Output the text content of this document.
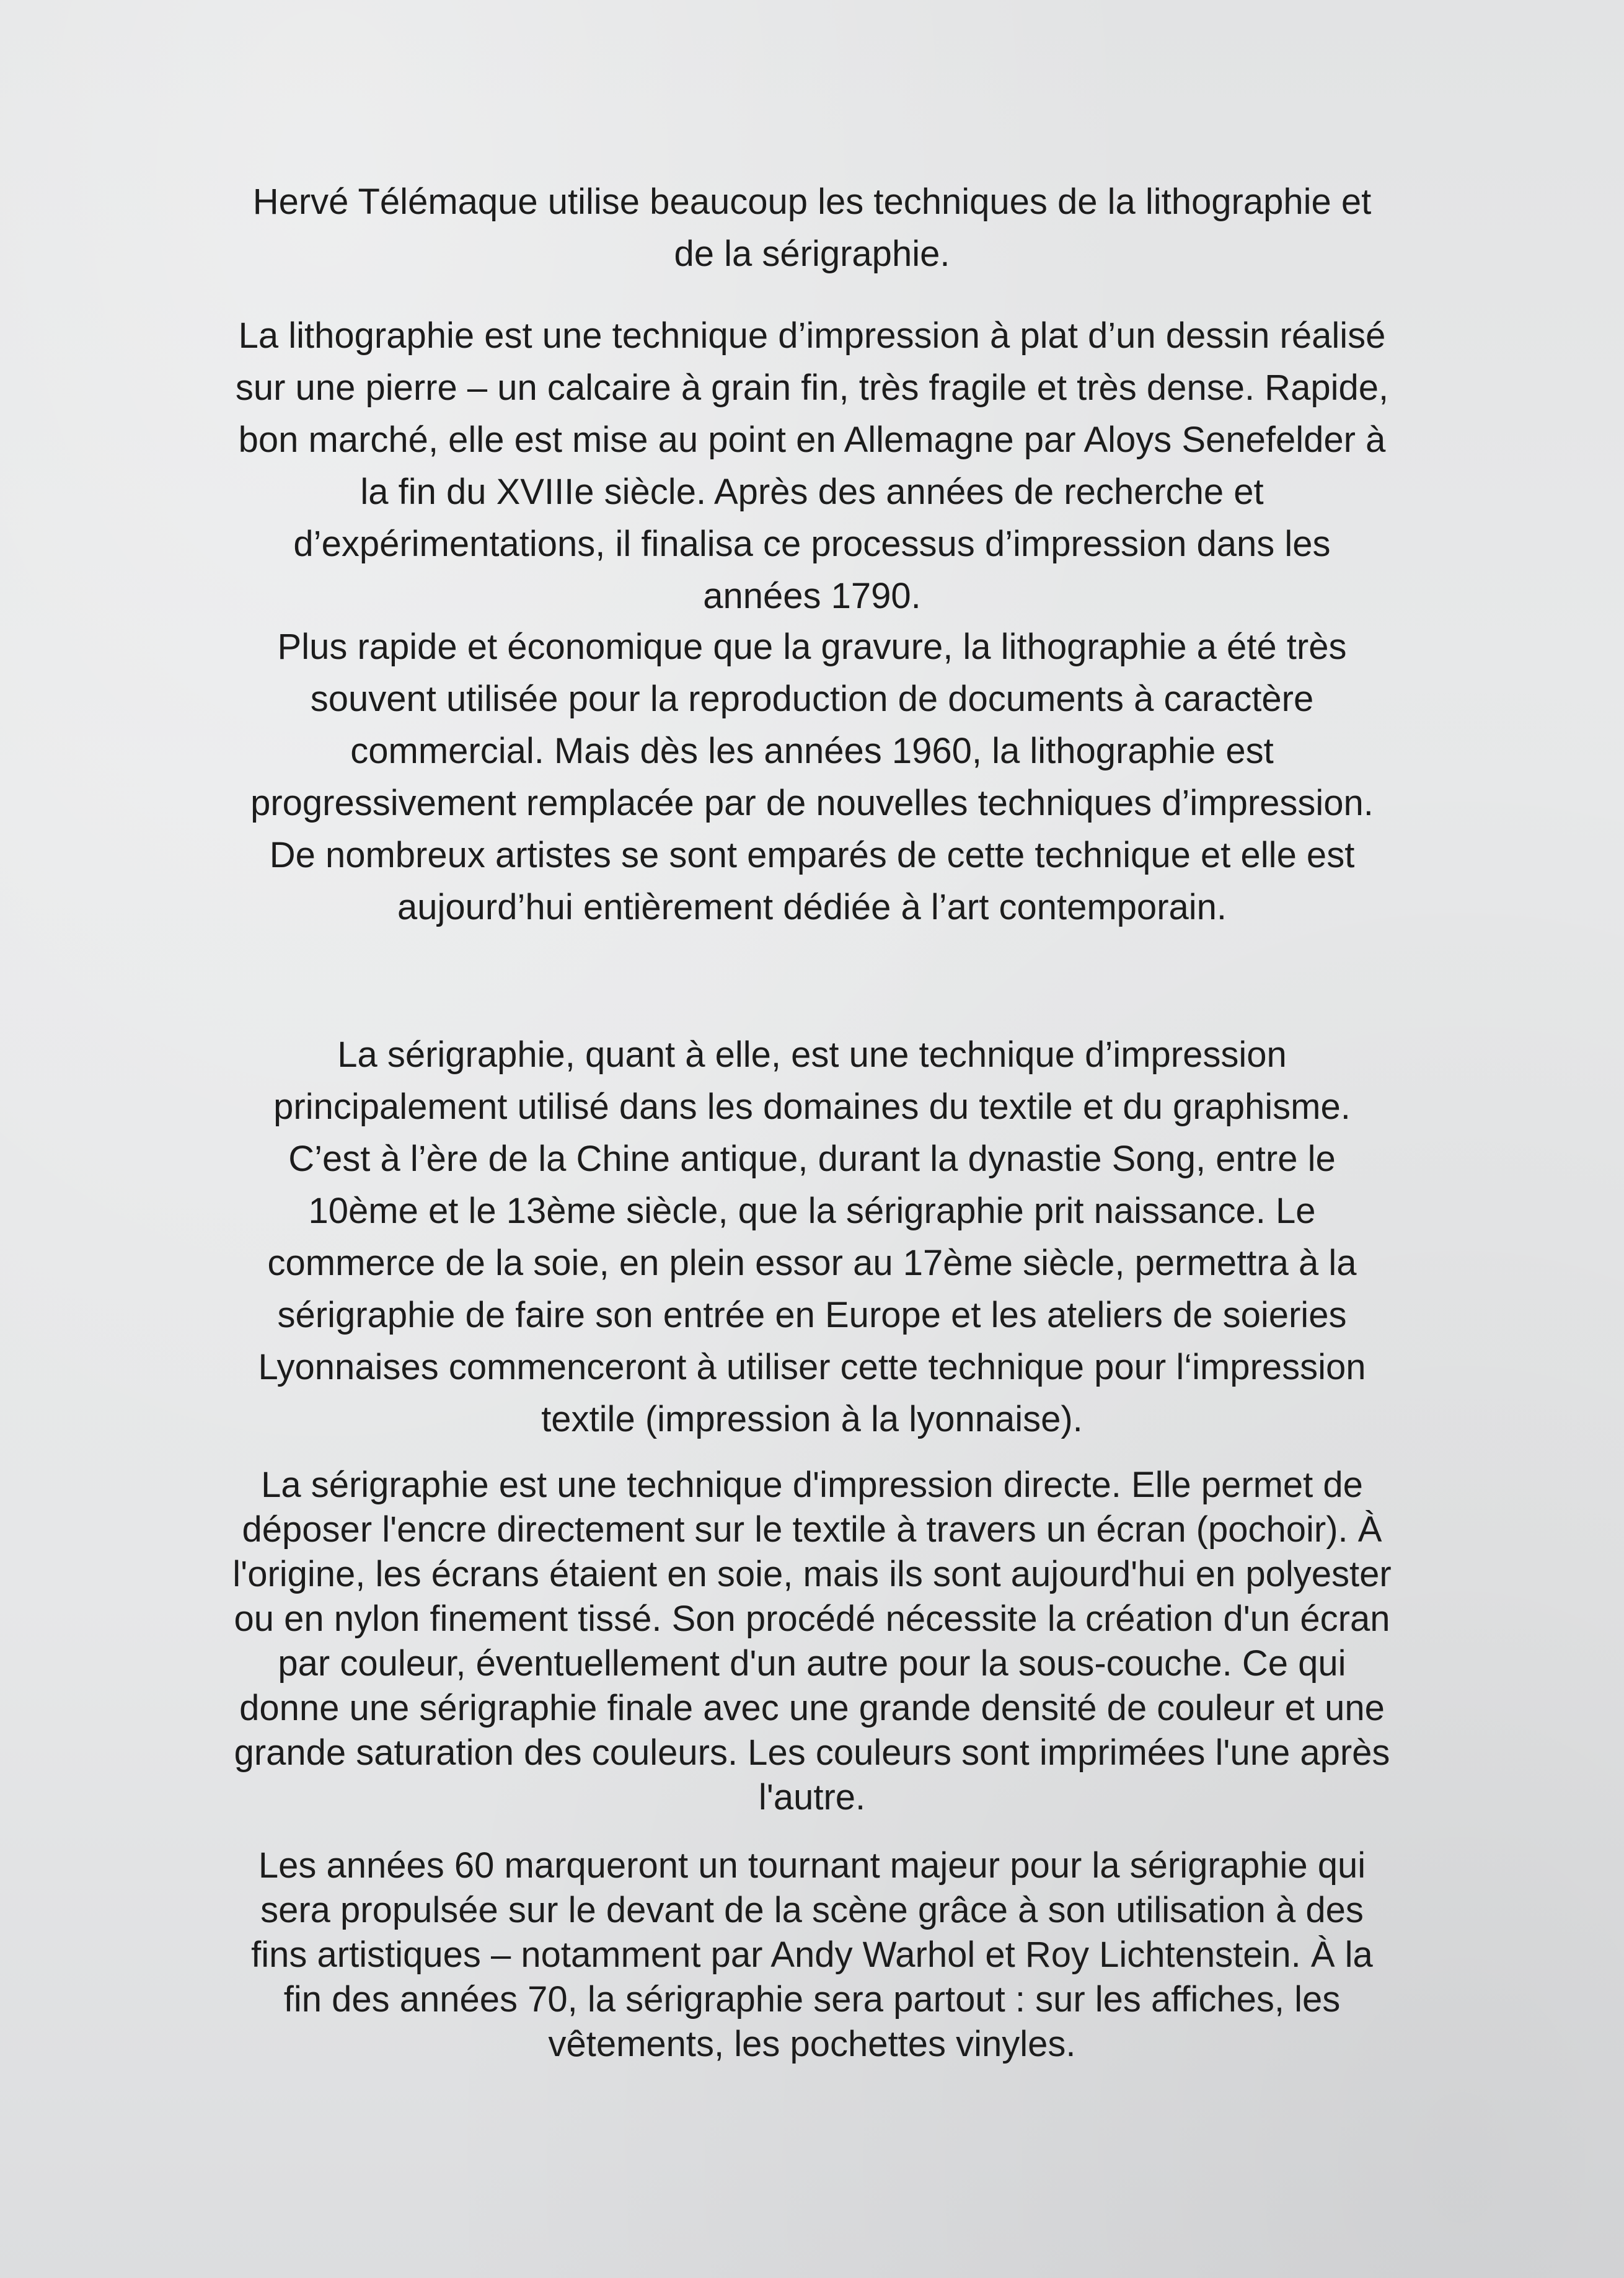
Hervé Télémaque utilise beaucoup les techniques de la lithographie et
de la sérigraphie.

La lithographie est une technique d’impression à plat d’un dessin réalisé
sur une pierre – un calcaire à grain fin, très fragile et très dense. Rapide,
bon marché, elle est mise au point en Allemagne par Aloys Senefelder à
la fin du XVIIIe siècle. Après des années de recherche et
d’expérimentations, il finalisa ce processus d’impression dans les
années 1790.

Plus rapide et économique que la gravure, la lithographie a été très
souvent utilisée pour la reproduction de documents à caractère
commercial. Mais dès les années 1960, la lithographie est
progressivement remplacée par de nouvelles techniques d’impression.
De nombreux artistes se sont emparés de cette technique et elle est
aujourd’hui entièrement dédiée à l’art contemporain.

La sérigraphie, quant à elle, est une technique d’impression
principalement utilisé dans les domaines du textile et du graphisme.
C’est à l’ère de la Chine antique, durant la dynastie Song, entre le
10ème et le 13ème siècle, que la sérigraphie prit naissance. Le
commerce de la soie, en plein essor au 17ème siècle, permettra à la
sérigraphie de faire son entrée en Europe et les ateliers de soieries
Lyonnaises commenceront à utiliser cette technique pour l‘impression
textile (impression à la lyonnaise).

La sérigraphie est une technique d'impression directe. Elle permet de
déposer l'encre directement sur le textile à travers un écran (pochoir). À
l'origine, les écrans étaient en soie, mais ils sont aujourd'hui en polyester
ou en nylon finement tissé. Son procédé nécessite la création d'un écran
par couleur, éventuellement d'un autre pour la sous-couche. Ce qui
donne une sérigraphie finale avec une grande densité de couleur et une
grande saturation des couleurs. Les couleurs sont imprimées l'une après
l'autre.

Les années 60 marqueront un tournant majeur pour la sérigraphie qui
sera propulsée sur le devant de la scène grâce à son utilisation à des
fins artistiques – notamment par Andy Warhol et Roy Lichtenstein. À la
fin des années 70, la sérigraphie sera partout : sur les affiches, les
vêtements, les pochettes vinyles.
